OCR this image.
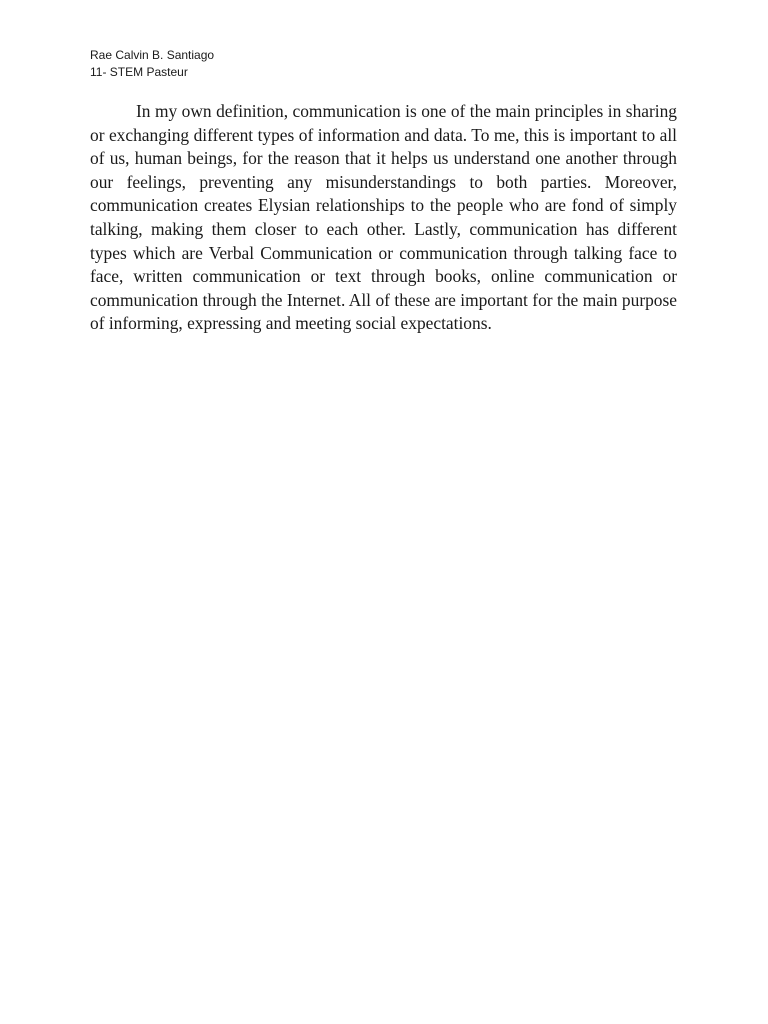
Rae Calvin B. Santiago
11- STEM Pasteur

In my own definition, communication is one of the main principles in sharing or exchanging different types of information and data. To me, this is important to all of us, human beings, for the reason that it helps us understand one another through our feelings, preventing any misunderstandings to both parties. Moreover, communication creates Elysian relationships to the people who are fond of simply talking, making them closer to each other. Lastly, communication has different types which are Verbal Communication or communication through talking face to face, written communication or text through books, online communication or communication through the Internet. All of these are important for the main purpose of informing, expressing and meeting social expectations.
